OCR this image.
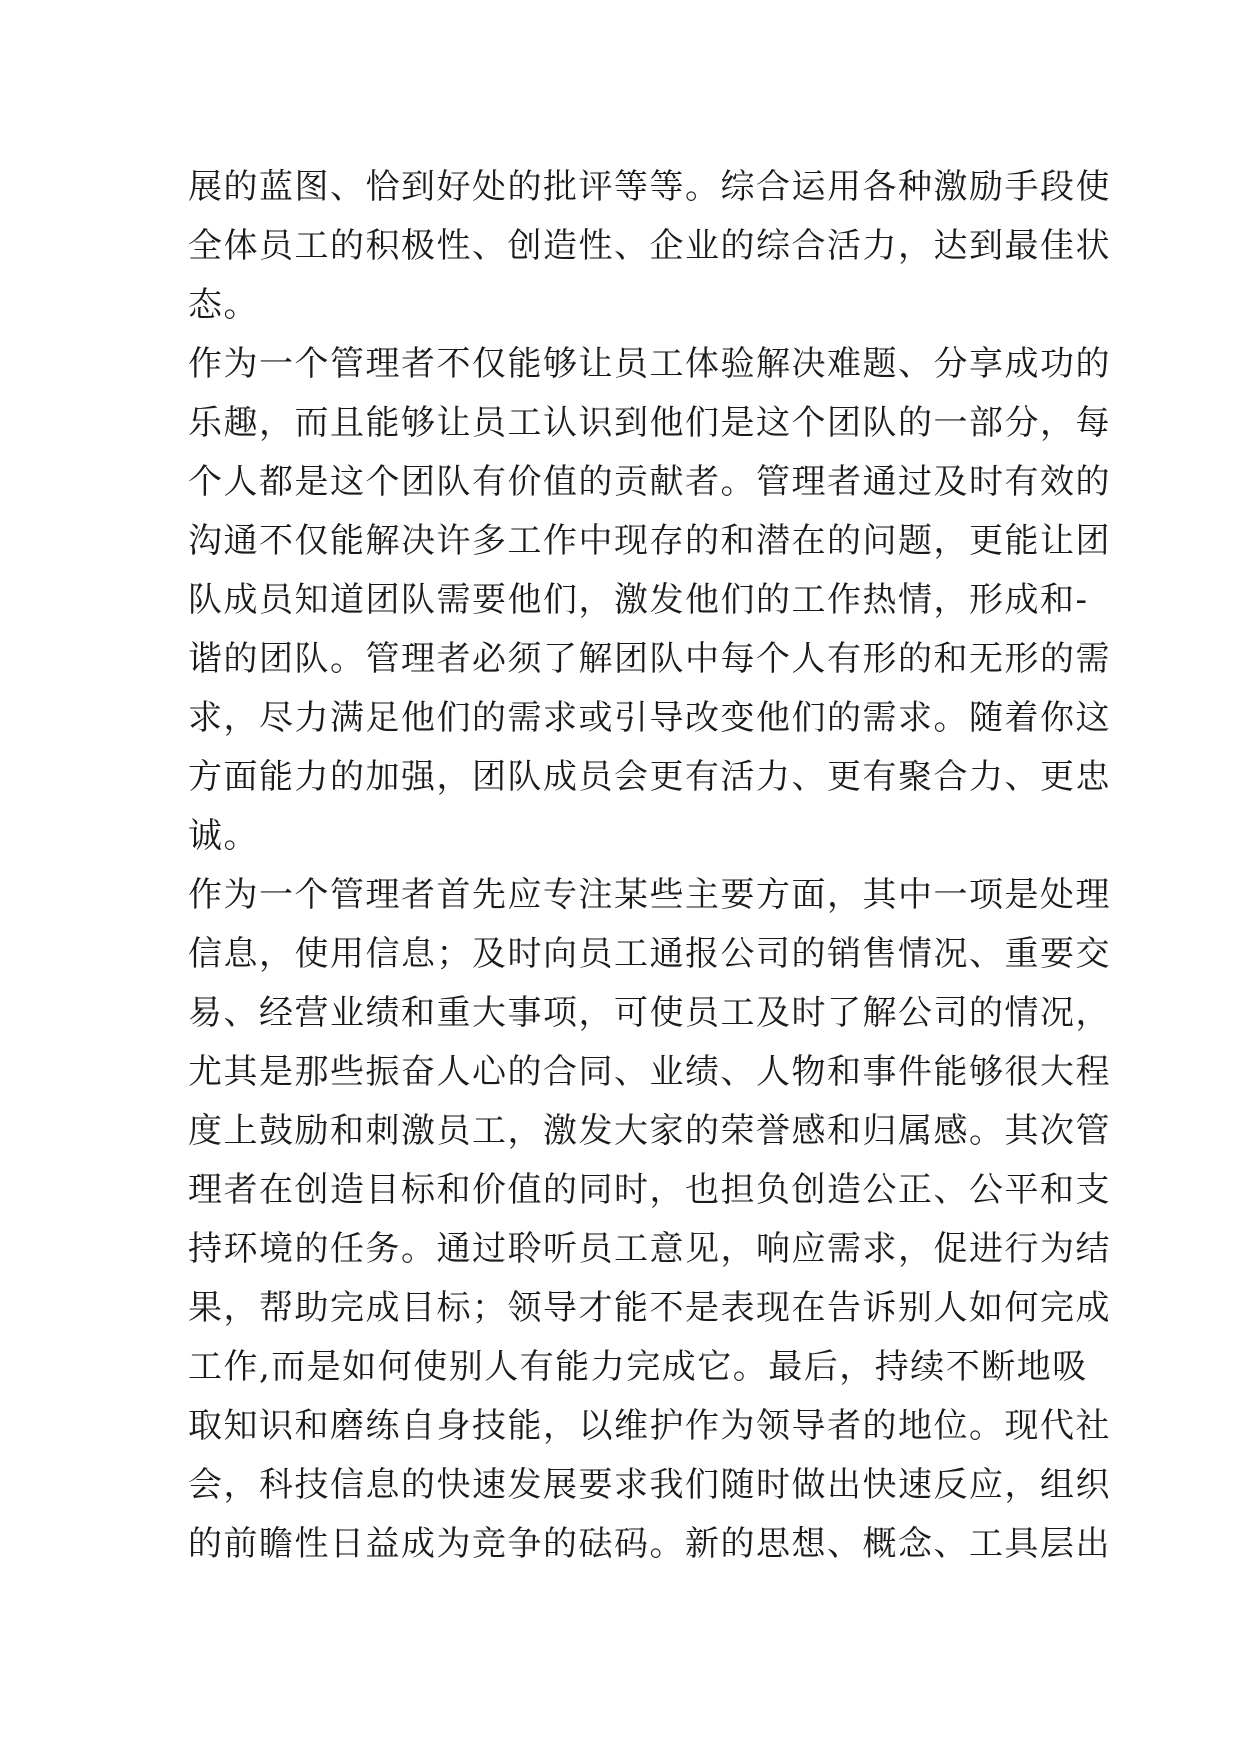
展的蓝图、恰到好处的批评等等。综合运用各种激励手段使
全体员工的积极性、创造性、企业的综合活力，达到最佳状
态。
作为一个管理者不仅能够让员工体验解决难题、分享成功的
乐趣，而且能够让员工认识到他们是这个团队的一部分，每
个人都是这个团队有价值的贡献者。管理者通过及时有效的
沟通不仅能解决许多工作中现存的和潜在的问题，更能让团
队成员知道团队需要他们，激发他们的工作热情，形成和-
谐的团队。管理者必须了解团队中每个人有形的和无形的需
求，尽力满足他们的需求或引导改变他们的需求。随着你这
方面能力的加强，团队成员会更有活力、更有聚合力、更忠
诚。
作为一个管理者首先应专注某些主要方面，其中一项是处理
信息，使用信息；及时向员工通报公司的销售情况、重要交
易、经营业绩和重大事项，可使员工及时了解公司的情况，
尤其是那些振奋人心的合同、业绩、人物和事件能够很大程
度上鼓励和刺激员工，激发大家的荣誉感和归属感。其次管
理者在创造目标和价值的同时，也担负创造公正、公平和支
持环境的任务。通过聆听员工意见，响应需求，促进行为结
果，帮助完成目标；领导才能不是表现在告诉别人如何完成
工作,而是如何使别人有能力完成它。最后，持续不断地吸
取知识和磨练自身技能，以维护作为领导者的地位。现代社
会，科技信息的快速发展要求我们随时做出快速反应，组织
的前瞻性日益成为竞争的砝码。新的思想、概念、工具层出
